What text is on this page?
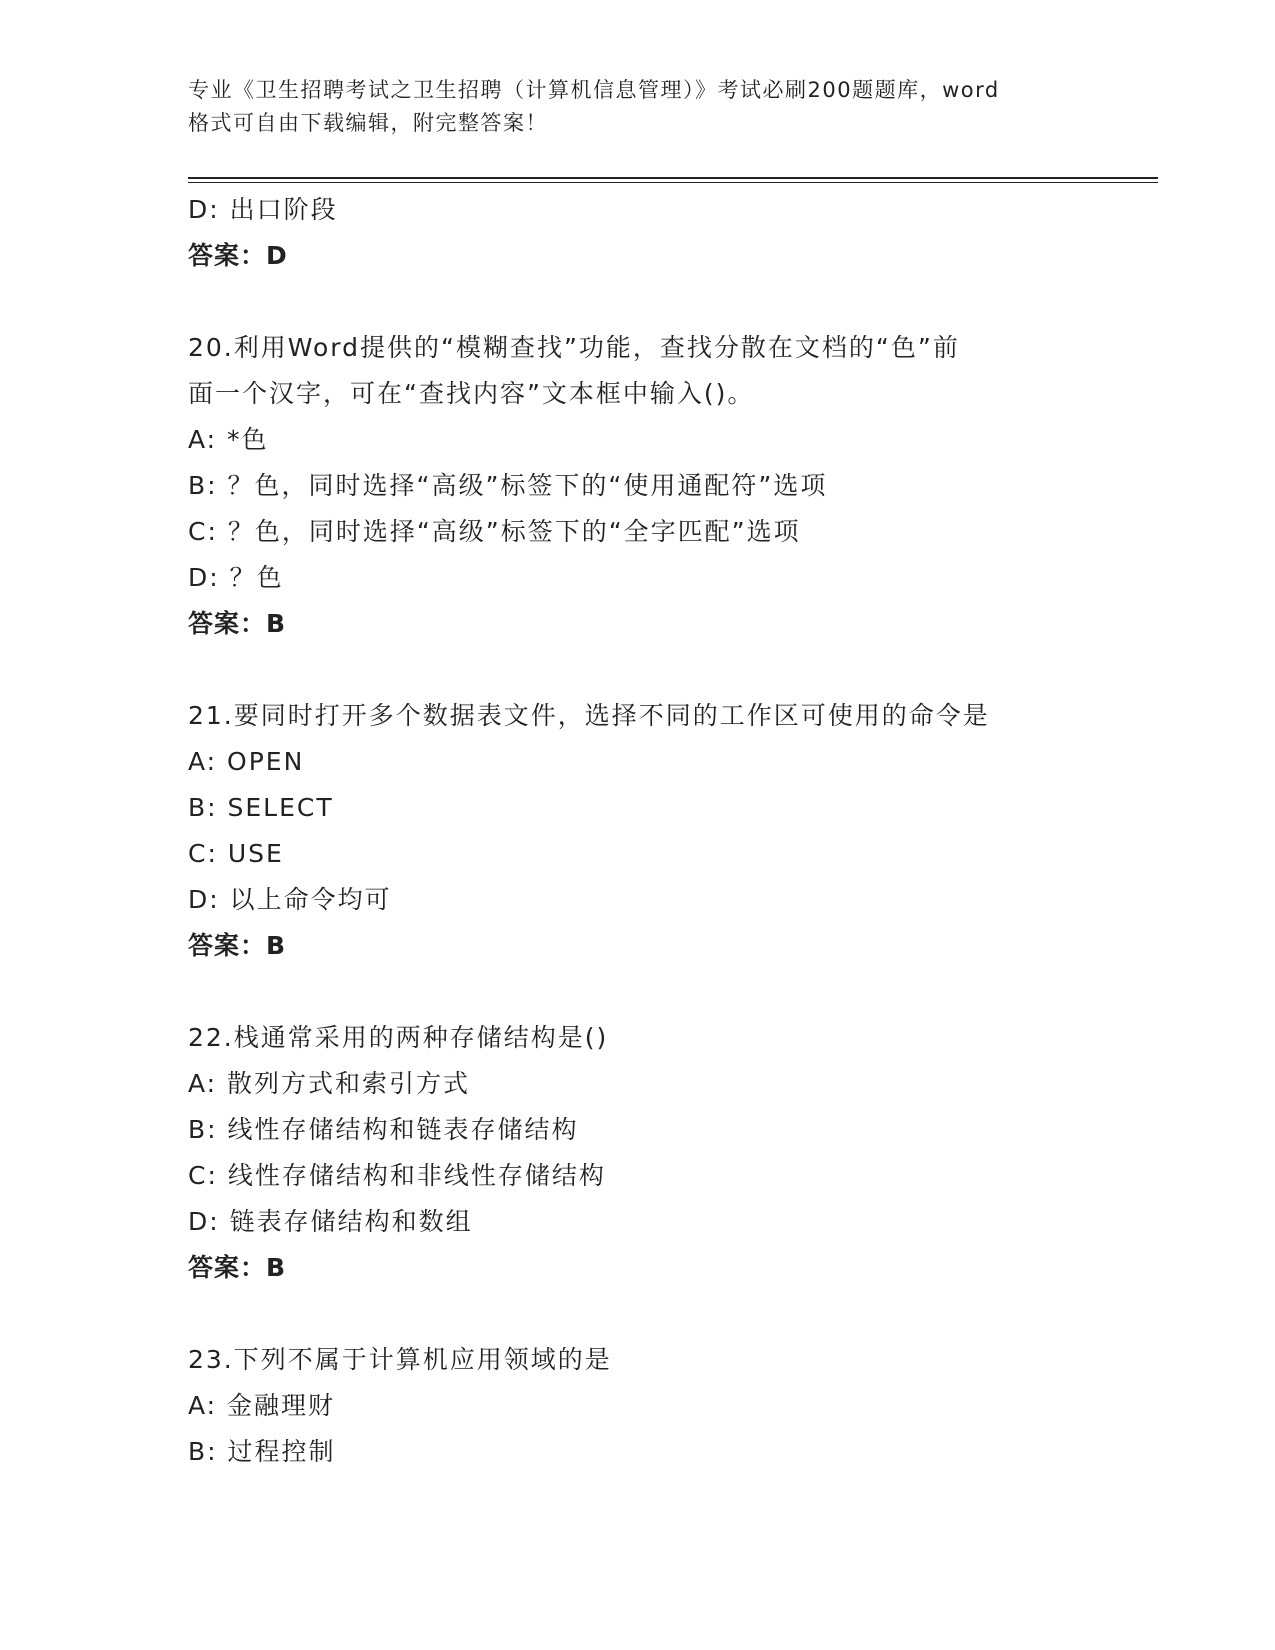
专业《卫生招聘考试之卫生招聘（计算机信息管理）》考试必刷200题题库，word
格式可自由下载编辑，附完整答案！
D: 出口阶段
答案：D
20.利用Word提供的“模糊查找”功能，查找分散在文档的“色”前
面一个汉字，可在“查找内容”文本框中输入()。
A: *色
B: ？色，同时选择“高级”标签下的“使用通配符”选项
C: ？色，同时选择“高级”标签下的“全字匹配”选项
D: ？色
答案：B
21.要同时打开多个数据表文件，选择不同的工作区可使用的命令是
A: OPEN
B: SELECT
C: USE
D: 以上命令均可
答案：B
22.栈通常采用的两种存储结构是()
A: 散列方式和索引方式
B: 线性存储结构和链表存储结构
C: 线性存储结构和非线性存储结构
D: 链表存储结构和数组
答案：B
23.下列不属于计算机应用领域的是
A: 金融理财
B: 过程控制
